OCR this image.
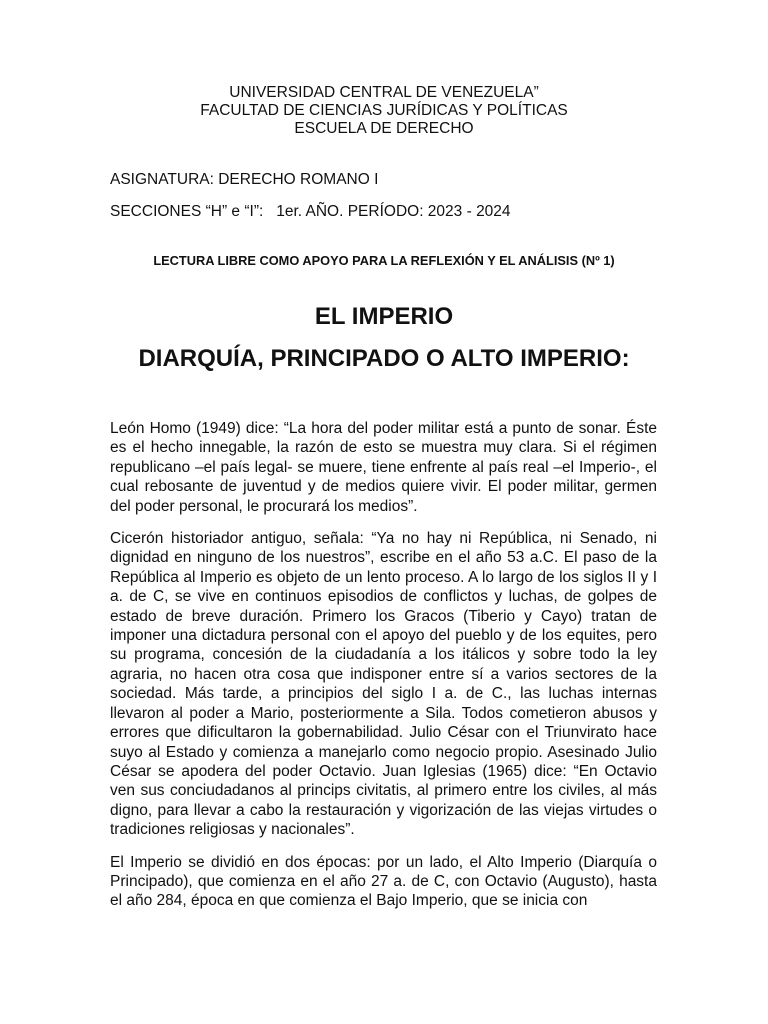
UNIVERSIDAD CENTRAL DE VENEZUELA”
FACULTAD DE CIENCIAS JURÍDICAS Y POLÍTICAS
ESCUELA DE DERECHO
ASIGNATURA: DERECHO ROMANO I
SECCIONES “H” e “I”:   1er. AÑO. PERÍODO: 2023 - 2024
LECTURA LIBRE COMO APOYO PARA LA REFLEXIÓN Y EL ANÁLISIS (Nº 1)
EL IMPERIO
DIARQUÍA, PRINCIPADO O ALTO IMPERIO:

León Homo (1949) dice: “La hora del poder militar está a punto de sonar. Éste es el hecho innegable, la razón de esto se muestra muy clara. Si el régimen republicano –el país legal- se muere, tiene enfrente al país real –el Imperio-, el cual rebosante de juventud y de medios quiere vivir. El poder militar, germen del poder personal, le procurará los medios”.

Cicerón historiador antiguo, señala: “Ya no hay ni República, ni Senado, ni dignidad en ninguno de los nuestros”, escribe en el año 53 a.C. El paso de la República al Imperio es objeto de un lento proceso. A lo largo de los siglos II y I a. de C, se vive en continuos episodios de conflictos y luchas, de golpes de estado de breve duración. Primero los Gracos (Tiberio y Cayo) tratan de imponer una dictadura personal con el apoyo del pueblo y de los equites, pero su programa, concesión de la ciudadanía a los itálicos y sobre todo la ley agraria, no hacen otra cosa que indisponer entre sí a varios sectores de la sociedad. Más tarde, a principios del siglo I a. de C., las luchas internas llevaron al poder a Mario, posteriormente a Sila. Todos cometieron abusos y errores que dificultaron la gobernabilidad. Julio César con el Triunvirato hace suyo al Estado y comienza a manejarlo como negocio propio. Asesinado Julio César se apodera del poder Octavio. Juan Iglesias (1965) dice: “En Octavio ven sus conciudadanos al princips civitatis, al primero entre los civiles, al más digno, para llevar a cabo la restauración y vigorización de las viejas virtudes o tradiciones religiosas y nacionales”.

El Imperio se dividió en dos épocas: por un lado, el Alto Imperio (Diarquía o Principado), que comienza en el año 27 a. de C, con Octavio (Augusto), hasta el año 284, época en que comienza el Bajo Imperio, que se inicia con
